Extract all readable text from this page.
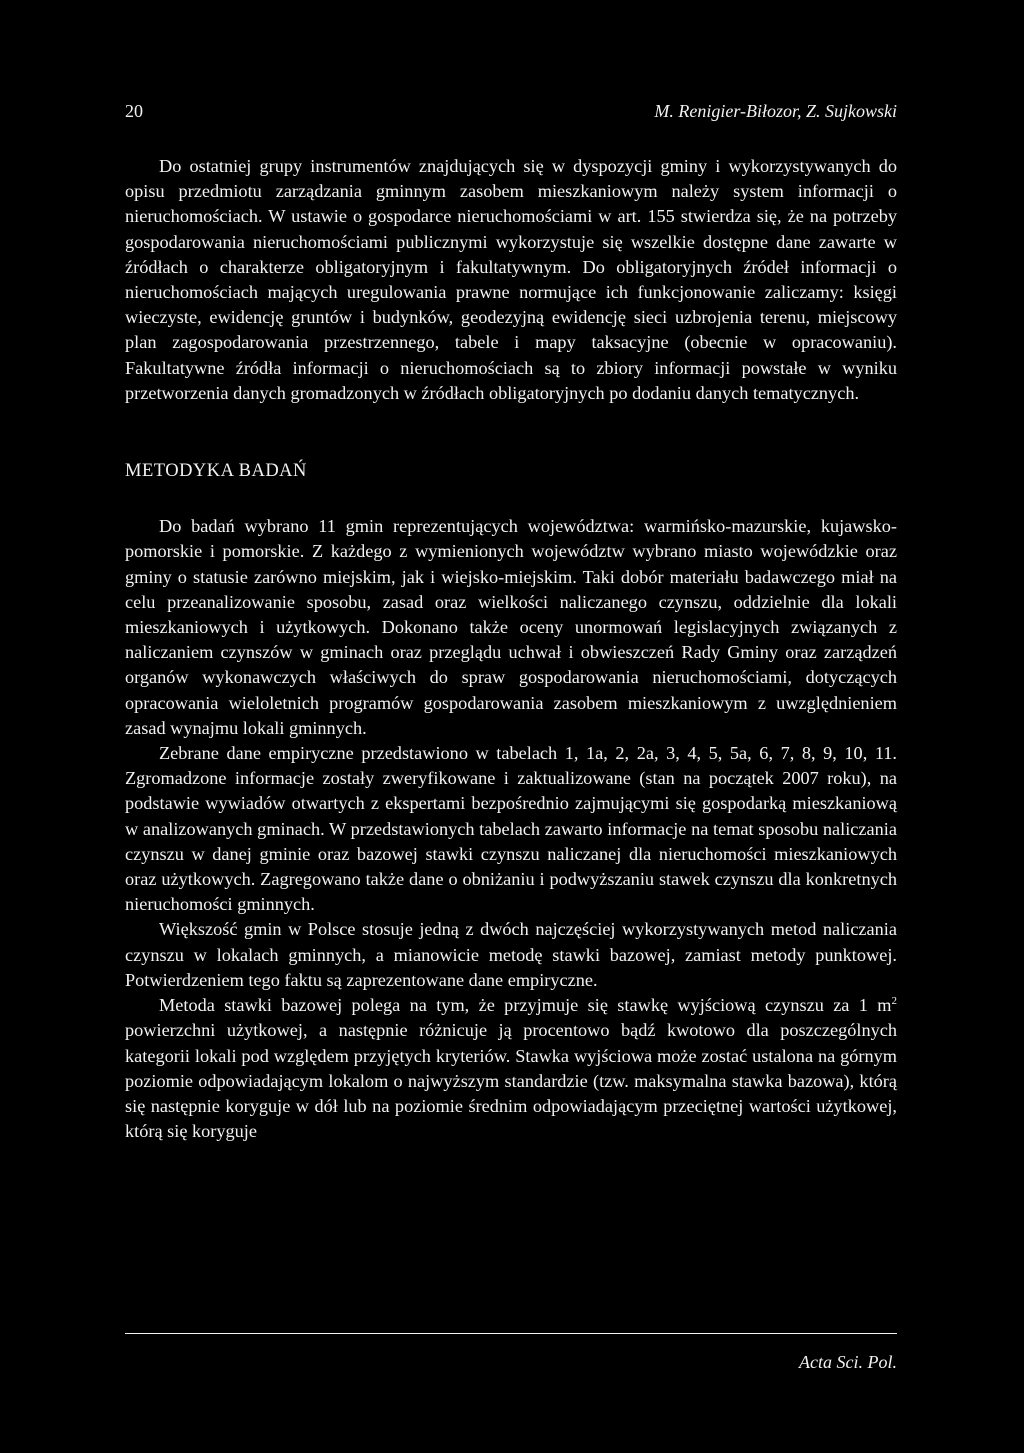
20	M. Renigier-Biłozor, Z. Sujkowski

Do ostatniej grupy instrumentów znajdujących się w dyspozycji gminy i wykorzystywanych do opisu przedmiotu zarządzania gminnym zasobem mieszkaniowym należy system informacji o nieruchomościach. W ustawie o gospodarce nieruchomościami w art. 155 stwierdza się, że na potrzeby gospodarowania nieruchomościami publicznymi wykorzystuje się wszelkie dostępne dane zawarte w źródłach o charakterze obligatoryjnym i fakultatywnym. Do obligatoryjnych źródeł informacji o nieruchomościach mających uregulowania prawne normujące ich funkcjonowanie zaliczamy: księgi wieczyste, ewidencję gruntów i budynków, geodezyjną ewidencję sieci uzbrojenia terenu, miejscowy plan zagospodarowania przestrzennego, tabele i mapy taksacyjne (obecnie w opracowaniu). Fakultatywne źródła informacji o nieruchomościach są to zbiory informacji powstałe w wyniku przetworzenia danych gromadzonych w źródłach obligatoryjnych po dodaniu danych tematycznych.

METODYKA BADAŃ

Do badań wybrano 11 gmin reprezentujących województwa: warmińsko-mazurskie, kujawsko-pomorskie i pomorskie. Z każdego z wymienionych województw wybrano miasto wojewódzkie oraz gminy o statusie zarówno miejskim, jak i wiejsko-miejskim. Taki dobór materiału badawczego miał na celu przeanalizowanie sposobu, zasad oraz wielkości naliczanego czynszu, oddzielnie dla lokali mieszkaniowych i użytkowych. Dokonano także oceny unormowań legislacyjnych związanych z naliczaniem czynszów w gminach oraz przeglądu uchwał i obwieszczeń Rady Gminy oraz zarządzeń organów wykonawczych właściwych do spraw gospodarowania nieruchomościami, dotyczących opracowania wieloletnich programów gospodarowania zasobem mieszkaniowym z uwzględnieniem zasad wynajmu lokali gminnych.

Zebrane dane empiryczne przedstawiono w tabelach 1, 1a, 2, 2a, 3, 4, 5, 5a, 6, 7, 8, 9, 10, 11. Zgromadzone informacje zostały zweryfikowane i zaktualizowane (stan na początek 2007 roku), na podstawie wywiadów otwartych z ekspertami bezpośrednio zajmującymi się gospodarką mieszkaniową w analizowanych gminach. W przedstawionych tabelach zawarto informacje na temat sposobu naliczania czynszu w danej gminie oraz bazowej stawki czynszu naliczanej dla nieruchomości mieszkaniowych oraz użytkowych. Zagregowano także dane o obniżaniu i podwyższaniu stawek czynszu dla konkretnych nieruchomości gminnych.

Większość gmin w Polsce stosuje jedną z dwóch najczęściej wykorzystywanych metod naliczania czynszu w lokalach gminnych, a mianowicie metodę stawki bazowej, zamiast metody punktowej. Potwierdzeniem tego faktu są zaprezentowane dane empiryczne.

Metoda stawki bazowej polega na tym, że przyjmuje się stawkę wyjściową czynszu za 1 $m^2$ powierzchni użytkowej, a następnie różnicuje ją procentowo bądź kwotowo dla poszczególnych kategorii lokali pod względem przyjętych kryteriów. Stawka wyjściowa może zostać ustalona na górnym poziomie odpowiadającym lokalom o najwyższym standardzie (tzw. maksymalna stawka bazowa), którą się następnie koryguje w dół lub na poziomie średnim odpowiadającym przeciętnej wartości użytkowej, którą się koryguje

Acta Sci. Pol.
